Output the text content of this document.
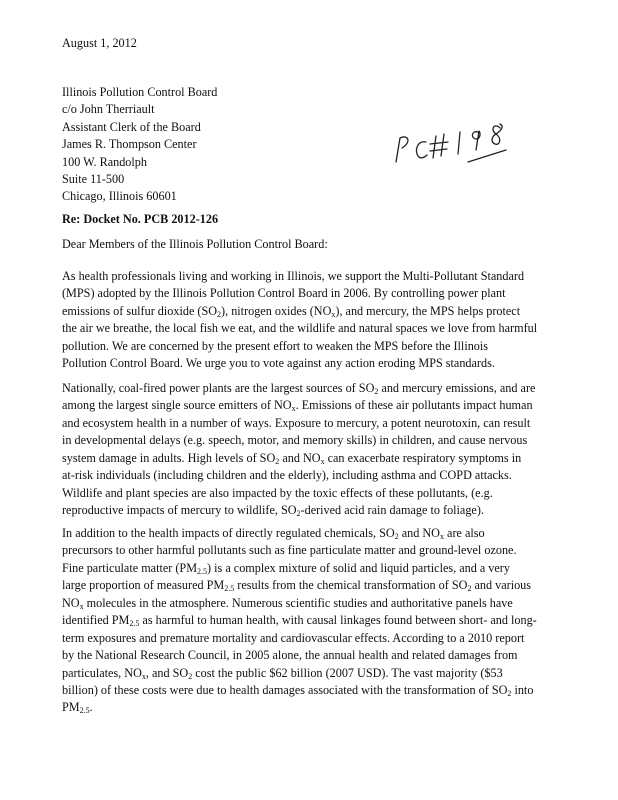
August 1, 2012
Illinois Pollution Control Board
c/o John Therriault
Assistant Clerk of the Board
James R. Thompson Center
100 W. Randolph
Suite 11-500
Chicago, Illinois 60601
Re: Docket No. PCB 2012-126
Dear Members of the Illinois Pollution Control Board:
As health professionals living and working in Illinois, we support the Multi-Pollutant Standard
(MPS) adopted by the Illinois Pollution Control Board in 2006. By controlling power plant
emissions of sulfur dioxide $(SO_2)$, nitrogen oxides $(NO_x)$, and mercury, the MPS helps protect
the air we breathe, the local fish we eat, and the wildlife and natural spaces we love from harmful
pollution. We are concerned by the present effort to weaken the MPS before the Illinois
Pollution Control Board. We urge you to vote against any action eroding MPS standards.
Nationally, coal-fired power plants are the largest sources of $SO_2$ and mercury emissions, and are
among the largest single source emitters of $NO_x$. Emissions of these air pollutants impact human
and ecosystem health in a number of ways. Exposure to mercury, a potent neurotoxin, can result
in developmental delays (e.g. speech, motor, and memory skills) in children, and cause nervous
system damage in adults. High levels of $SO_2$ and $NO_x$ can exacerbate respiratory symptoms in
at-risk individuals (including children and the elderly), including asthma and COPD attacks.
Wildlife and plant species are also impacted by the toxic effects of these pollutants, (e.g.
reproductive impacts of mercury to wildlife, $SO_2$-derived acid rain damage to foliage).
In addition to the health impacts of directly regulated chemicals, $SO_2$ and $NO_x$ are also
precursors to other harmful pollutants such as fine particulate matter and ground-level ozone.
Fine particulate matter $(PM_{2.5})$ is a complex mixture of solid and liquid particles, and a very
large proportion of measured $PM_{2.5}$ results from the chemical transformation of $SO_2$ and various
$NO_x$ molecules in the atmosphere. Numerous scientific studies and authoritative panels have
identified $PM_{2.5}$ as harmful to human health, with causal linkages found between short- and long-
term exposures and premature mortality and cardiovascular effects. According to a 2010 report
by the National Research Council, in 2005 alone, the annual health and related damages from
particulates, $NO_x$, and $SO_2$ cost the public $62 billion (2007 USD). The vast majority ($53
billion) of these costs were due to health damages associated with the transformation of $SO_2$ into
$PM_{2.5}$.
